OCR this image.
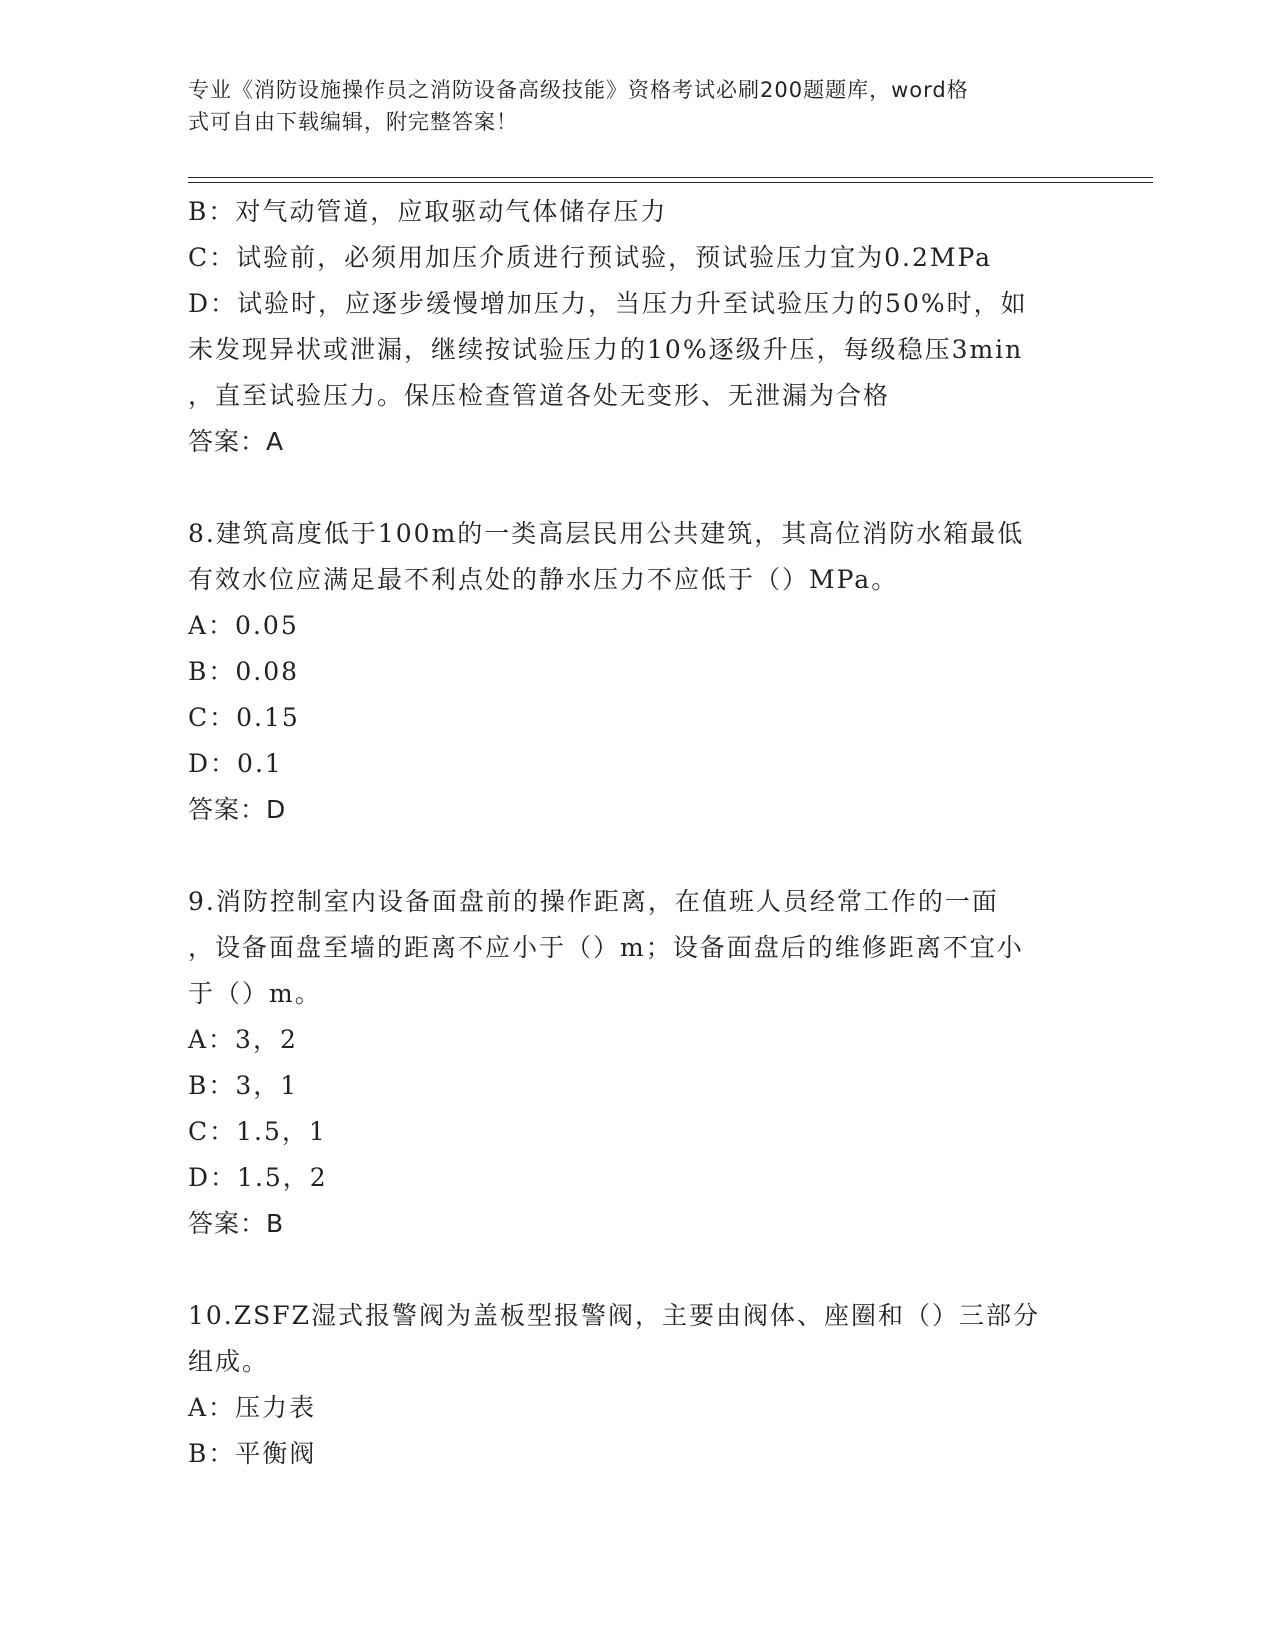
专业《消防设施操作员之消防设备高级技能》资格考试必刷200题题库，word格
式可自由下载编辑，附完整答案！
B：对气动管道，应取驱动气体储存压力
C：试验前，必须用加压介质进行预试验，预试验压力宜为0.2MPa
D：试验时，应逐步缓慢增加压力，当压力升至试验压力的50%时，如
未发现异状或泄漏，继续按试验压力的10%逐级升压，每级稳压3min
，直至试验压力。保压检查管道各处无变形、无泄漏为合格
答案：A
8.建筑高度低于100m的一类高层民用公共建筑，其高位消防水箱最低
有效水位应满足最不利点处的静水压力不应低于（）MPa。
A：0.05
B：0.08
C：0.15
D：0.1
答案：D
9.消防控制室内设备面盘前的操作距离，在值班人员经常工作的一面
，设备面盘至墙的距离不应小于（）m；设备面盘后的维修距离不宜小
于（）m。
A：3，2
B：3，1
C：1.5，1
D：1.5，2
答案：B
10.ZSFZ湿式报警阀为盖板型报警阀，主要由阀体、座圈和（）三部分
组成。
A：压力表
B：平衡阀
